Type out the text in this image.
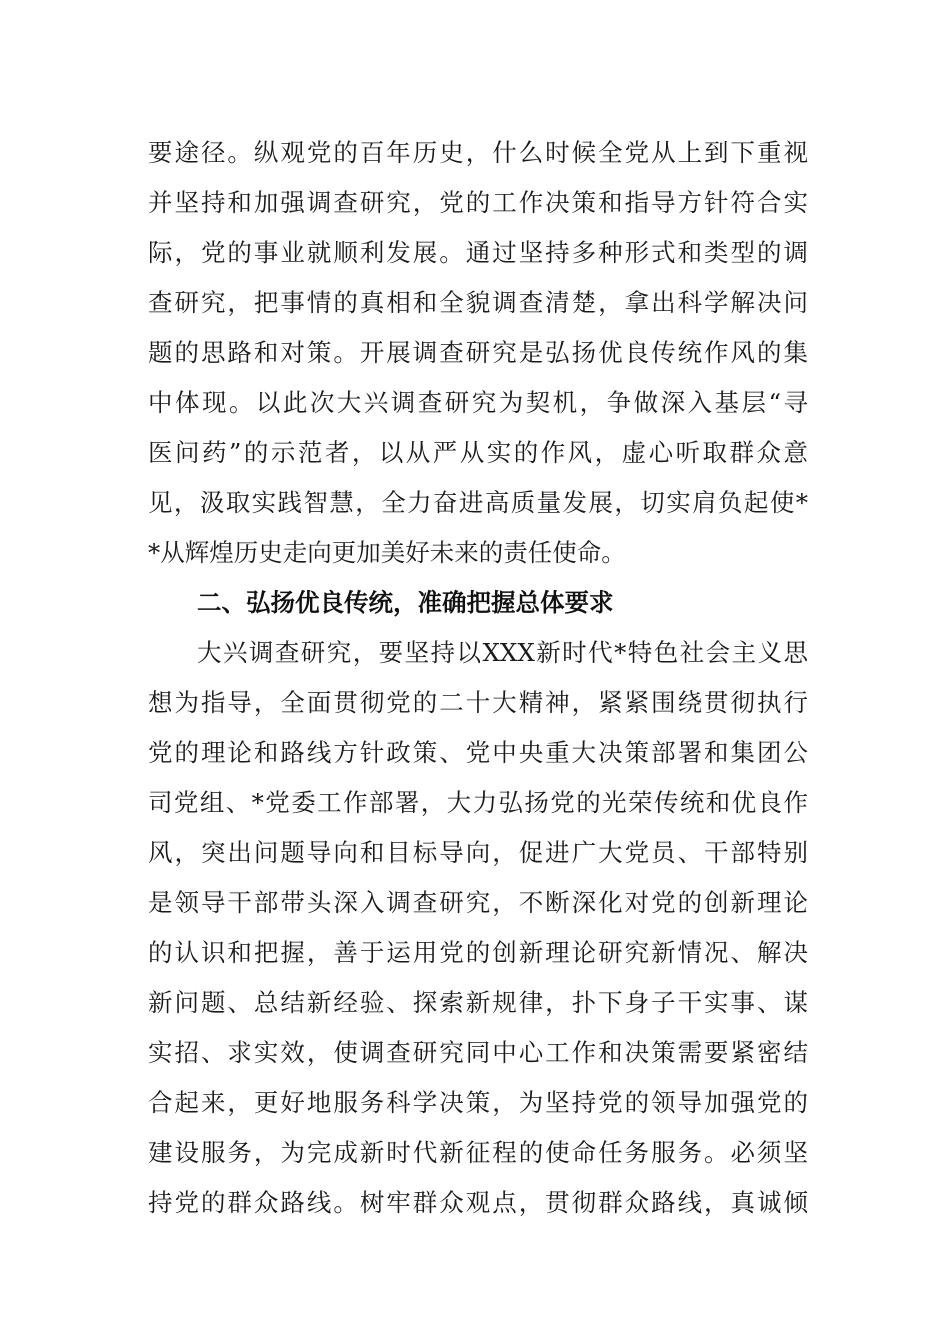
要途径。纵观党的百年历史，什么时候全党从上到下重视
并坚持和加强调查研究，党的工作决策和指导方针符合实
际，党的事业就顺利发展。通过坚持多种形式和类型的调
查研究，把事情的真相和全貌调查清楚，拿出科学解决问
题的思路和对策。开展调查研究是弘扬优良传统作风的集
中体现。以此次大兴调查研究为契机，争做深入基层“寻
医问药”的示范者，以从严从实的作风，虚心听取群众意
见，汲取实践智慧，全力奋进高质量发展，切实肩负起使*
*从辉煌历史走向更加美好未来的责任使命。
二、弘扬优良传统，准确把握总体要求
大兴调查研究，要坚持以XXX新时代*特色社会主义思
想为指导，全面贯彻党的二十大精神，紧紧围绕贯彻执行
党的理论和路线方针政策、党中央重大决策部署和集团公
司党组、*党委工作部署，大力弘扬党的光荣传统和优良作
风，突出问题导向和目标导向，促进广大党员、干部特别
是领导干部带头深入调查研究，不断深化对党的创新理论
的认识和把握，善于运用党的创新理论研究新情况、解决
新问题、总结新经验、探索新规律，扑下身子干实事、谋
实招、求实效，使调查研究同中心工作和决策需要紧密结
合起来，更好地服务科学决策，为坚持党的领导加强党的
建设服务，为完成新时代新征程的使命任务服务。必须坚
持党的群众路线。树牢群众观点，贯彻群众路线，真诚倾
